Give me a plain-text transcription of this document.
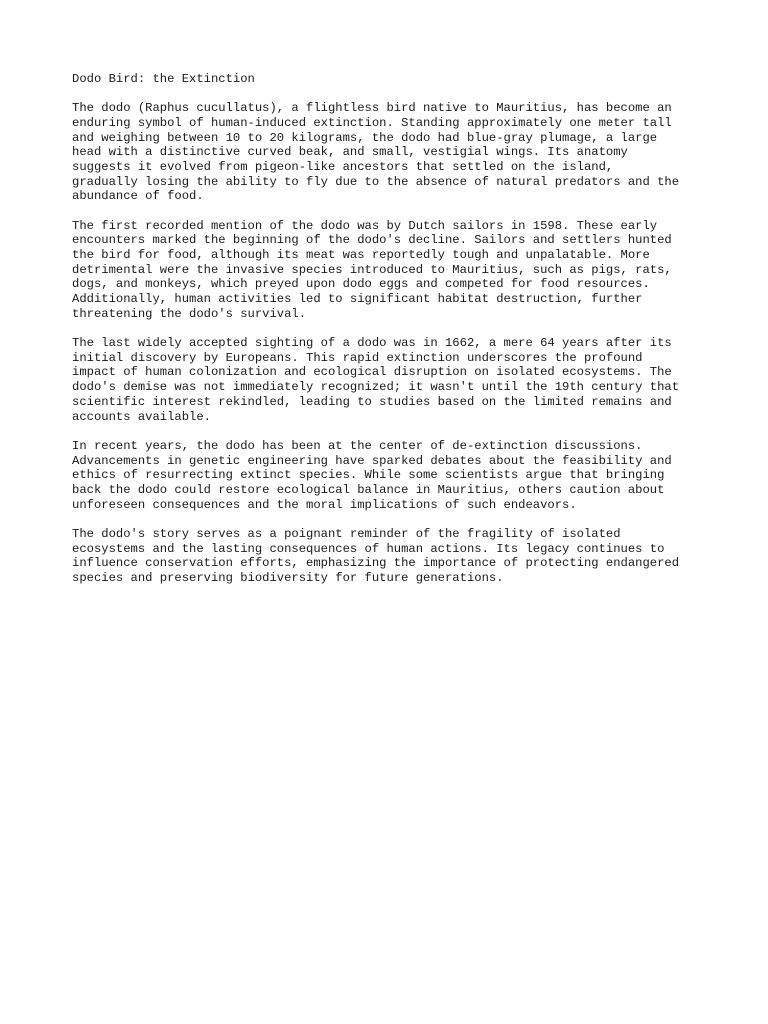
Dodo Bird: the Extinction
The dodo (Raphus cucullatus), a flightless bird native to Mauritius, has become an
enduring symbol of human-induced extinction. Standing approximately one meter tall
and weighing between 10 to 20 kilograms, the dodo had blue-gray plumage, a large
head with a distinctive curved beak, and small, vestigial wings. Its anatomy
suggests it evolved from pigeon-like ancestors that settled on the island,
gradually losing the ability to fly due to the absence of natural predators and the
abundance of food.
The first recorded mention of the dodo was by Dutch sailors in 1598. These early
encounters marked the beginning of the dodo's decline. Sailors and settlers hunted
the bird for food, although its meat was reportedly tough and unpalatable. More
detrimental were the invasive species introduced to Mauritius, such as pigs, rats,
dogs, and monkeys, which preyed upon dodo eggs and competed for food resources.
Additionally, human activities led to significant habitat destruction, further
threatening the dodo's survival.
The last widely accepted sighting of a dodo was in 1662, a mere 64 years after its
initial discovery by Europeans. This rapid extinction underscores the profound
impact of human colonization and ecological disruption on isolated ecosystems. The
dodo's demise was not immediately recognized; it wasn't until the 19th century that
scientific interest rekindled, leading to studies based on the limited remains and
accounts available.
In recent years, the dodo has been at the center of de-extinction discussions.
Advancements in genetic engineering have sparked debates about the feasibility and
ethics of resurrecting extinct species. While some scientists argue that bringing
back the dodo could restore ecological balance in Mauritius, others caution about
unforeseen consequences and the moral implications of such endeavors.
The dodo's story serves as a poignant reminder of the fragility of isolated
ecosystems and the lasting consequences of human actions. Its legacy continues to
influence conservation efforts, emphasizing the importance of protecting endangered
species and preserving biodiversity for future generations.
